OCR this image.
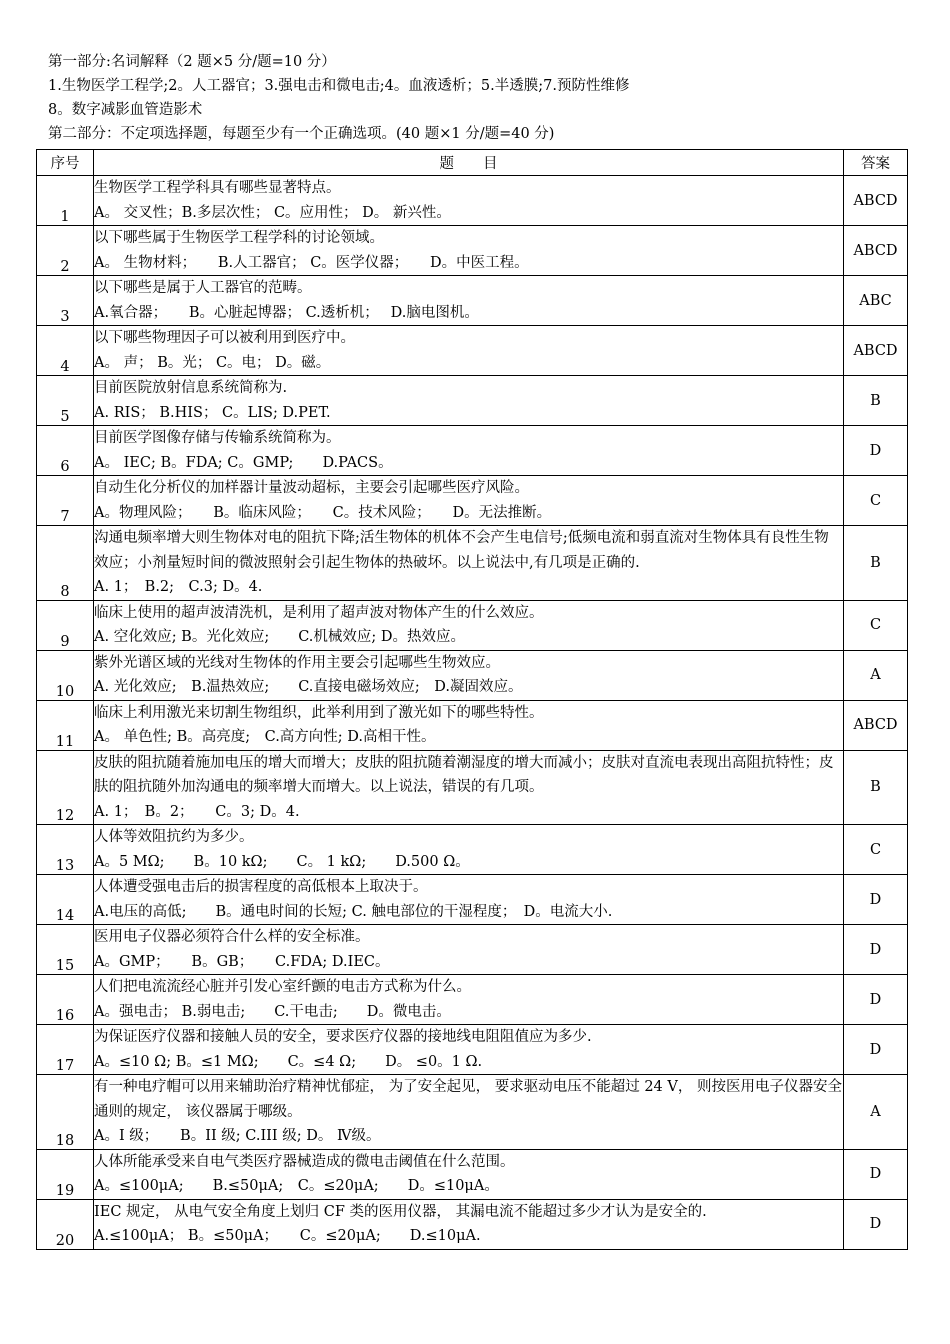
第一部分:名词解释（2 题×5 分/题=10 分）

1.生物医学工程学;2。人工器官；3.强电击和微电击;4。血液透析；5.半透膜;7.预防性维修

8。数字减影血管造影术

第二部分：不定项选择题，每题至少有一个正确选项。(40 题×1 分/题=40 分)

序号	题　　目	答案
1	生物医学工程学科具有哪些显著特点。
A。 交叉性；B.多层次性； C。应用性； D。 新兴性。	ABCD
2	以下哪些属于生物医学工程学科的讨论领域。
A。 生物材料；　　B.人工器官； C。医学仪器；　　D。中医工程。	ABCD
3	以下哪些是属于人工器官的范畴。
A.氧合器；　　B。心脏起博器； C.透析机；　 D.脑电图机。	ABC
4	以下哪些物理因子可以被利用到医疗中。
A。 声； B。光； C。电； D。磁。	ABCD
5	目前医院放射信息系统简称为.
A. RIS； B.HIS； C。LIS; D.PET.	B
6	目前医学图像存储与传输系统简称为。
A。 IEC; B。FDA; C。GMP;　　D.PACS。	D
7	自动生化分析仪的加样器计量波动超标，主要会引起哪些医疗风险。
A。物理风险；　　B。临床风险；　　C。技术风险；　　D。无法推断。	C
8	沟通电频率增大则生物体对电的阻抗下降;活生物体的机体不会产生电信号;低频电流和弱直流对生物体具有良性生物效应；小剂量短时间的微波照射会引起生物体的热破坏。以上说法中,有几项是正确的.
A. 1；　B.2;　C.3; D。4.	B
9	临床上使用的超声波清洗机，是利用了超声波对物体产生的什么效应。
A. 空化效应; B。光化效应;　　C.机械效应; D。热效应。	C
10	紫外光谱区域的光线对生物体的作用主要会引起哪些生物效应。
A. 光化效应;　B.温热效应;　　C.直接电磁场效应;　D.凝固效应。	A
11	临床上利用激光来切割生物组织，此举利用到了激光如下的哪些特性。
A。 单色性; B。高亮度;　C.高方向性; D.高相干性。	ABCD
12	皮肤的阻抗随着施加电压的增大而增大；皮肤的阻抗随着潮湿度的增大而减小；皮肤对直流电表现出高阻抗特性；皮肤的阻抗随外加沟通电的频率增大而增大。以上说法，错误的有几项。
A. 1；　B。2；　　C。3; D。4.	B
13	人体等效阻抗约为多少。
A。5 MΩ;　　B。10 kΩ;　　C。 1 kΩ;　　D.500 Ω。	C
14	人体遭受强电击后的损害程度的高低根本上取决于。
A.电压的高低;　　B。通电时间的长短; C. 触电部位的干湿程度；　D。电流大小.	D
15	医用电子仪器必须符合什么样的安全标准。
A。GMP；　　B。GB；　　C.FDA; D.IEC。	D
16	人们把电流流经心脏并引发心室纤颤的电击方式称为什么。
A。强电击； B.弱电击;　　C.干电击;　　D。微电击。	D
17	为保证医疗仪器和接触人员的安全，要求医疗仪器的接地线电阻阻值应为多少.
A。≤10 Ω; B。≤1 MΩ;　　C。≤4 Ω;　　D。 ≤0。1 Ω.	D
18	有一种电疗帽可以用来辅助治疗精神忧郁症， 为了安全起见， 要求驱动电压不能超过 24 V， 则按医用电子仪器安全通则的规定， 该仪器属于哪级。
A。I 级；　　B。II 级; C.III 级; D。 Ⅳ级。	A
19	人体所能承受来自电气类医疗器械造成的微电击阈值在什么范围。
A。≤100μA;　　B.≤50μA;　C。≤20μA;　　D。≤10μA。	D
20	IEC 规定， 从电气安全角度上划归 CF 类的医用仪器， 其漏电流不能超过多少才认为是安全的.
A.≤100μA； B。≤50μA；　　C。≤20μA;　　D.≤10μA.	D
